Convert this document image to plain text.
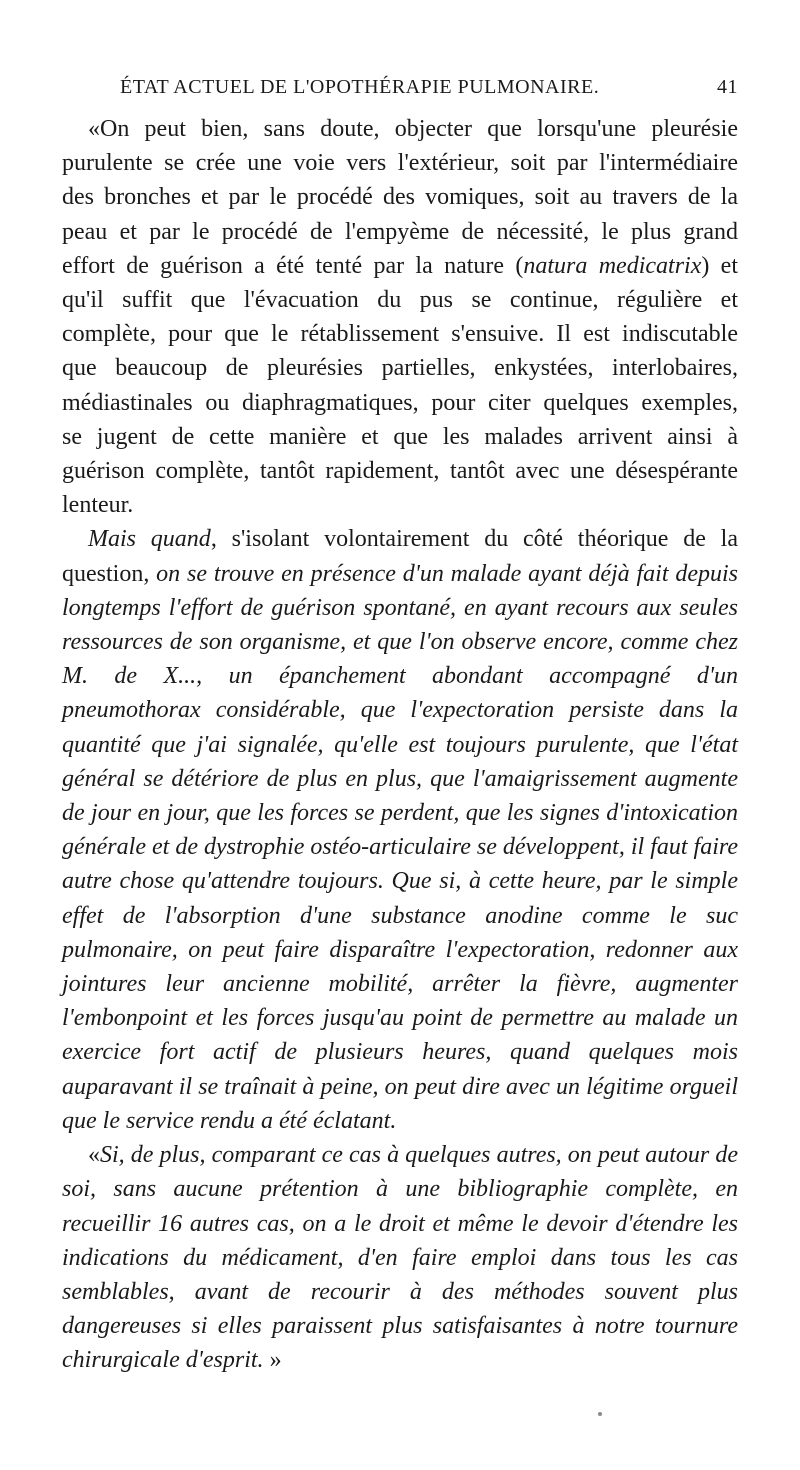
ÉTAT ACTUEL DE L'OPOTHÉRAPIE PULMONAIRE.	41

«On peut bien, sans doute, objecter que lorsqu'une pleurésie purulente se crée une voie vers l'extérieur, soit par l'intermédiaire des bronches et par le procédé des vomiques, soit au travers de la peau et par le procédé de l'empyème de nécessité, le plus grand effort de guérison a été tenté par la nature (natura medicatrix) et qu'il suffit que l'évacuation du pus se continue, régulière et complète, pour que le rétablissement s'ensuive. Il est indiscutable que beaucoup de pleurésies partielles, enkystées, interlobaires, médiastinales ou diaphragmatiques, pour citer quelques exemples, se jugent de cette manière et que les malades arrivent ainsi à guérison complète, tantôt rapidement, tantôt avec une désespérante lenteur.

Mais quand, s'isolant volontairement du côté théorique de la question, on se trouve en présence d'un malade ayant déjà fait depuis longtemps l'effort de guérison spontané, en ayant recours aux seules ressources de son organisme, et que l'on observe encore, comme chez M. de X..., un épanchement abondant accompagné d'un pneumothorax considérable, que l'expectoration persiste dans la quantité que j'ai signalée, qu'elle est toujours purulente, que l'état général se détériore de plus en plus, que l'amaigrissement augmente de jour en jour, que les forces se perdent, que les signes d'intoxication générale et de dystrophie ostéo-articulaire se développent, il faut faire autre chose qu'attendre toujours. Que si, à cette heure, par le simple effet de l'absorption d'une substance anodine comme le suc pulmonaire, on peut faire disparaître l'expectoration, redonner aux jointures leur ancienne mobilité, arrêter la fièvre, augmenter l'embonpoint et les forces jusqu'au point de permettre au malade un exercice fort actif de plusieurs heures, quand quelques mois auparavant il se traînait à peine, on peut dire avec un légitime orgueil que le service rendu a été éclatant.

«Si, de plus, comparant ce cas à quelques autres, on peut autour de soi, sans aucune prétention à une bibliographie complète, en recueillir 16 autres cas, on a le droit et même le devoir d'étendre les indications du médicament, d'en faire emploi dans tous les cas semblables, avant de recourir à des méthodes souvent plus dangereuses si elles paraissent plus satisfaisantes à notre tournure chirurgicale d'esprit. »
